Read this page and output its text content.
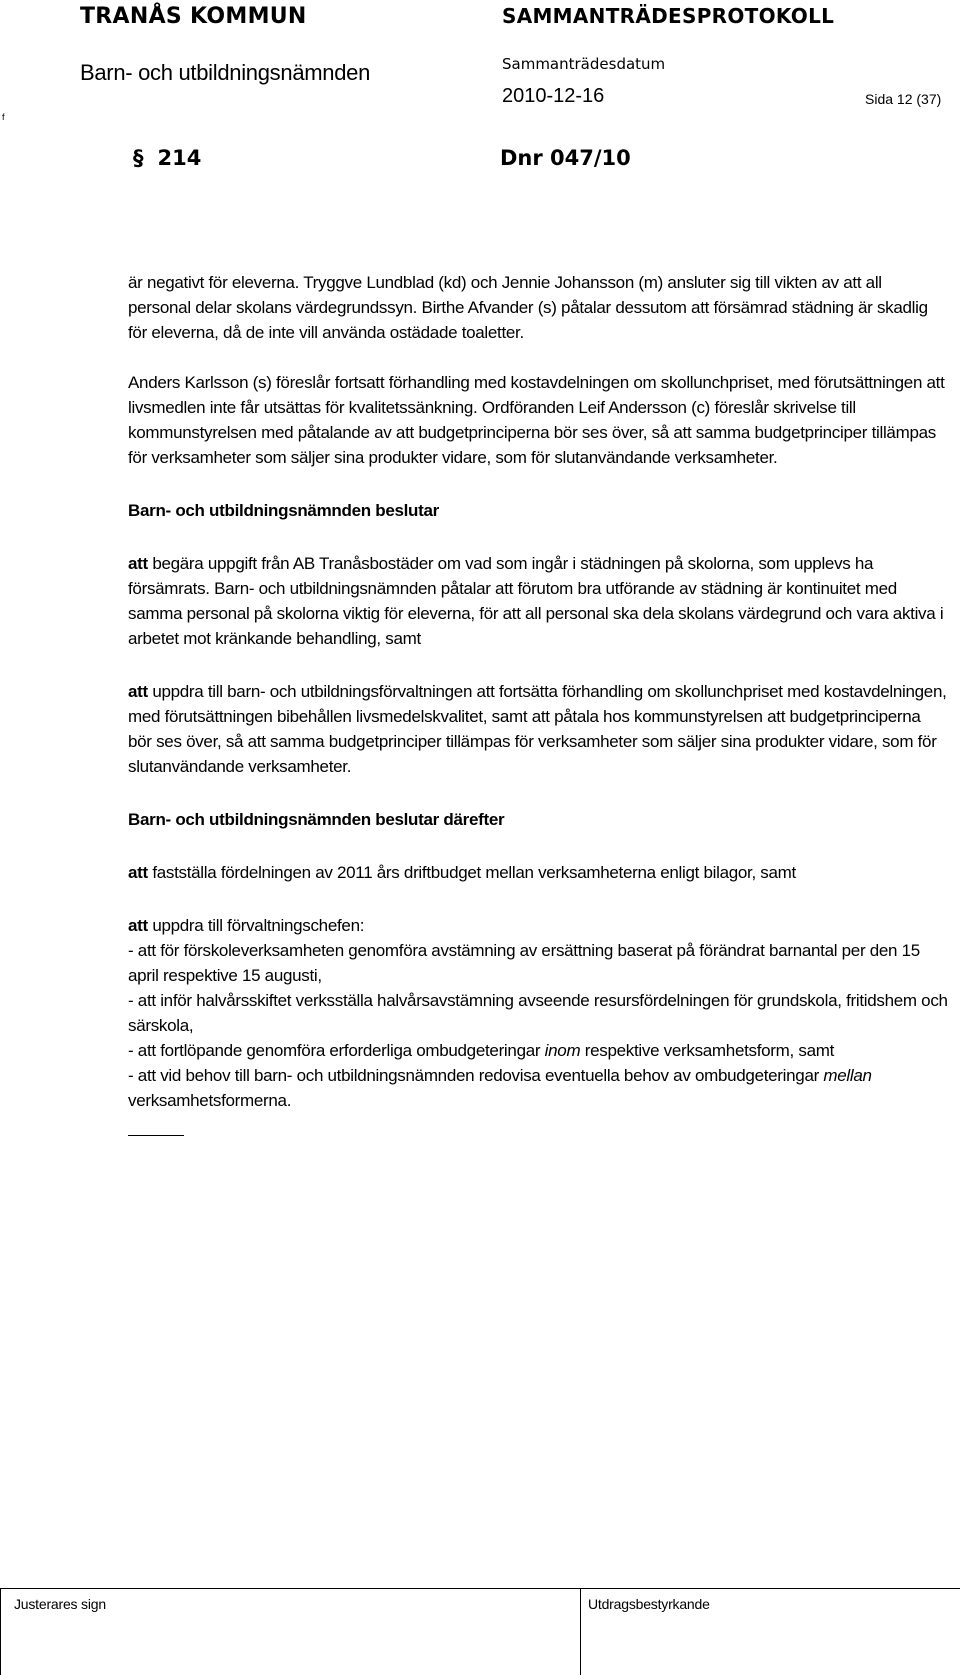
TRANÅS KOMMUN
Barn- och utbildningsnämnden
SAMMANTRÄDESPROTOKOLL
Sammanträdesdatum
2010-12-16	Sida 12 (37)
f
§ 214	Dnr 047/10

är negativt för eleverna. Tryggve Lundblad (kd) och Jennie Johansson (m) ansluter sig till vikten av att all personal delar skolans värdegrundssyn. Birthe Afvander (s) påtalar dessutom att försämrad städning är skadlig för eleverna, då de inte vill använda ostädade toaletter.

Anders Karlsson (s) föreslår fortsatt förhandling med kostavdelningen om skollunchpriset, med förutsättningen att livsmedlen inte får utsättas för kvalitetssänkning. Ordföranden Leif Andersson (c) föreslår skrivelse till kommunstyrelsen med påtalande av att budgetprinciperna bör ses över, så att samma budgetprinciper tillämpas för verksamheter som säljer sina produkter vidare, som för slutanvändande verksamheter.

Barn- och utbildningsnämnden beslutar

att begära uppgift från AB Tranåsbostäder om vad som ingår i städningen på skolorna, som upplevs ha försämrats. Barn- och utbildningsnämnden påtalar att förutom bra utförande av städning är kontinuitet med samma personal på skolorna viktig för eleverna, för att all personal ska dela skolans värdegrund och vara aktiva i arbetet mot kränkande behandling, samt

att uppdra till barn- och utbildningsförvaltningen att fortsätta förhandling om skollunchpriset med kostavdelningen, med förutsättningen bibehållen livsmedelskvalitet, samt att påtala hos kommunstyrelsen att budgetprinciperna bör ses över, så att samma budgetprinciper tillämpas för verksamheter som säljer sina produkter vidare, som för slutanvändande verksamheter.

Barn- och utbildningsnämnden beslutar därefter

att fastställa fördelningen av 2011 års driftbudget mellan verksamheterna enligt bilagor, samt

att uppdra till förvaltningschefen:

- att för förskoleverksamheten genomföra avstämning av ersättning baserat på förändrat barnantal per den 15 april respektive 15 augusti,

- att inför halvårsskiftet verksställa halvårsavstämning avseende resursfördelningen för grundskola, fritidshem och särskola,

- att fortlöpande genomföra erforderliga ombudgeteringar inom respektive verksamhetsform, samt

- att vid behov till barn- och utbildningsnämnden redovisa eventuella behov av ombudgeteringar mellan verksamhetsformerna.

Justerares sign	Utdragsbestyrkande
